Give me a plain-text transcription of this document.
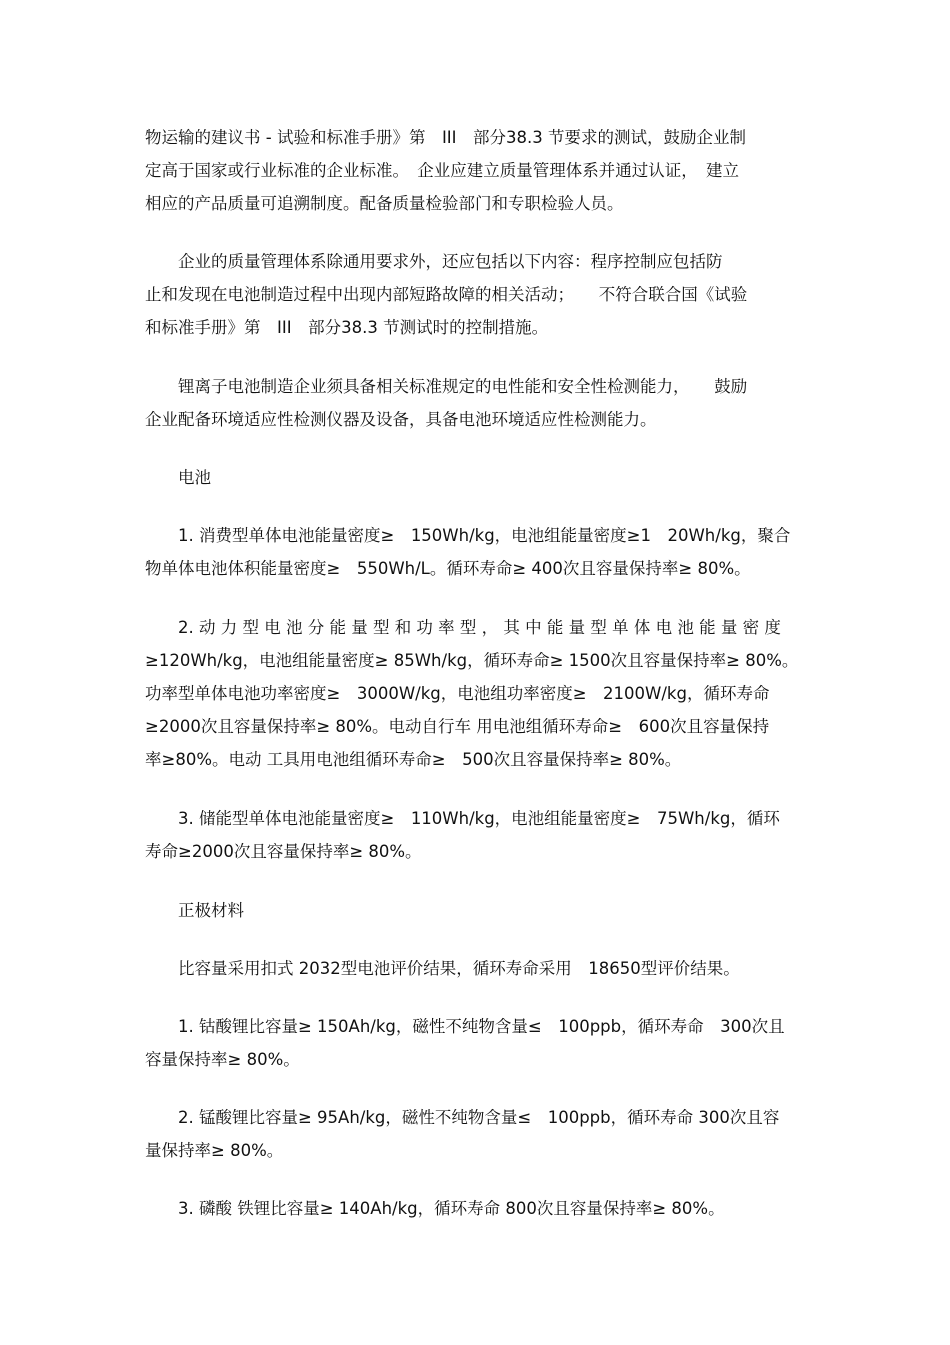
物运输的建议书 - 试验和标准手册》第　III　部分38.3 节要求的测试，鼓励企业制
定高于国家或行业标准的企业标准。　企业应建立质量管理体系并通过认证，　建立
相应的产品质量可追溯制度。配备质量检验部门和专职检验人员。

企业的质量管理体系除通用要求外，还应包括以下内容：程序控制应包括防
止和发现在电池制造过程中出现内部短路故障的相关活动；　　不符合联合国《试验
和标准手册》第　III　部分38.3 节测试时的控制措施。

锂离子电池制造企业须具备相关标准规定的电性能和安全性检测能力，　　鼓励
企业配备环境适应性检测仪器及设备，具备电池环境适应性检测能力。

电池

1. 消费型单体电池能量密度≥　150Wh/kg，电池组能量密度≥1　20Wh/kg，聚合
物单体电池体积能量密度≥　550Wh/L。循环寿命≥ 400次且容量保持率≥ 80%。

2. 动 力 型 电 池 分 能 量 型 和 功 率 型 ， 其 中 能 量 型 单 体 电 池 能 量 密 度
≥120Wh/kg，电池组能量密度≥ 85Wh/kg，循环寿命≥ 1500次且容量保持率≥ 80%。
功率型单体电池功率密度≥　3000W/kg，电池组功率密度≥　2100W/kg，循环寿命
≥2000次且容量保持率≥ 80%。电动自行车 用电池组循环寿命≥　600次且容量保持
率≥80%。电动 工具用电池组循环寿命≥　500次且容量保持率≥ 80%。

3. 储能型单体电池能量密度≥　110Wh/kg，电池组能量密度≥　75Wh/kg，循环
寿命≥2000次且容量保持率≥ 80%。

正极材料

比容量采用扣式 2032型电池评价结果，循环寿命采用　18650型评价结果。

1. 钴酸锂比容量≥ 150Ah/kg，磁性不纯物含量≤　100ppb，循环寿命　300次且
容量保持率≥ 80%。

2. 锰酸锂比容量≥ 95Ah/kg，磁性不纯物含量≤　100ppb，循环寿命 300次且容
量保持率≥ 80%。

3. 磷酸 铁锂比容量≥ 140Ah/kg，循环寿命 800次且容量保持率≥ 80%。
